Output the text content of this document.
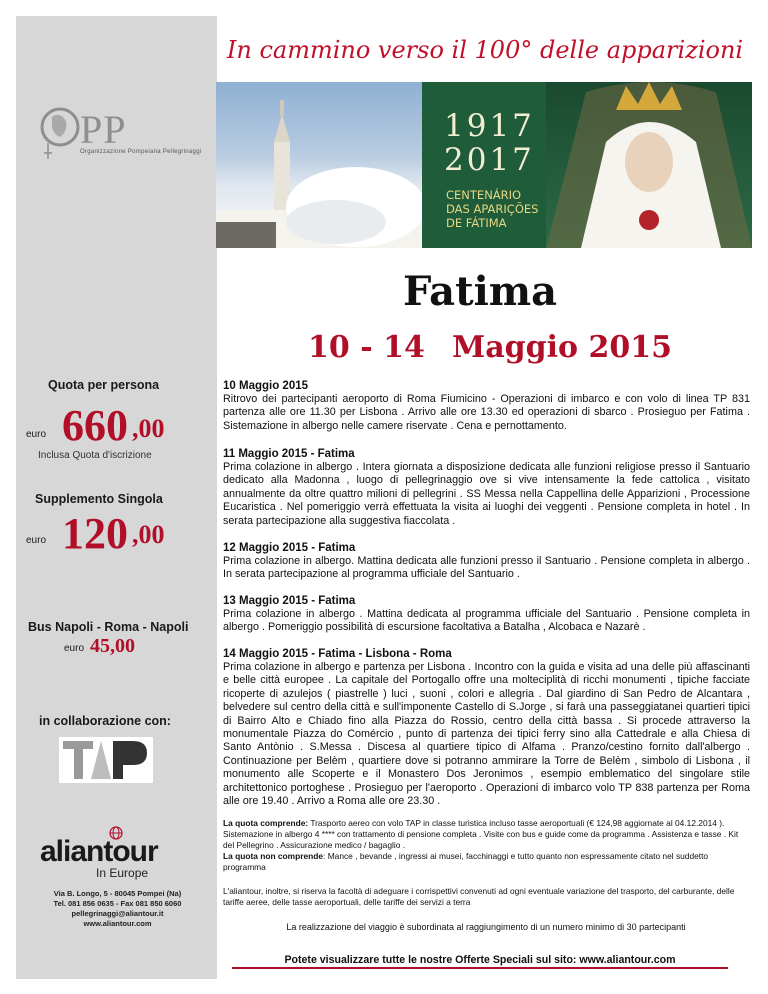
In cammino verso il 100° delle apparizioni
PP
Organizzazione Pompeiana Pellegrinaggi
1917
2017
CENTENÁRIO
DAS APARIÇÕES
DE FÁTIMA
Fatima
10 - 14 Maggio 2015
Quota per persona
euro 660 ,00
Inclusa Quota d'iscrizione
Supplemento Singola
euro 120 ,00
Bus Napoli - Roma - Napoli
euro 45,00
in collaborazione con:
aliantour
In Europe
Via B. Longo, 5 - 80045 Pompei (Na)
Tel. 081 856 0635 - Fax 081 850 6060
pellegrinaggi@aliantour.it
www.aliantour.com
10 Maggio 2015
Ritrovo dei partecipanti aeroporto di Roma Fiumicino - Operazioni di imbarco e con volo di linea TP 831 partenza alle ore 11.30 per Lisbona . Arrivo alle ore 13.30 ed operazioni di sbarco . Prosieguo per Fatima . Sistemazione in albergo nelle camere riservate . Cena e pernottamento.
11 Maggio 2015 - Fatima
Prima colazione in albergo . Intera giornata a disposizione dedicata alle funzioni religiose presso il Santuario dedicato alla Madonna , luogo di pellegrinaggio ove si vive intensamente la fede cattolica , visitato annualmente da oltre quattro milioni di pellegrini . SS Messa nella Cappellina delle Apparizioni , Processione Eucaristica . Nel pomeriggio verrà effettuata la visita ai luoghi dei veggenti . Pensione completa in hotel . In serata partecipazione alla suggestiva fiaccolata .
12 Maggio 2015 - Fatima
Prima colazione in albergo. Mattina dedicata alle funzioni presso il Santuario . Pensione completa in albergo . In serata partecipazione al programma ufficiale del Santuario .
13 Maggio 2015 - Fatima
Prima colazione in albergo . Mattina dedicata al programma ufficiale del Santuario . Pensione completa in albergo . Pomeriggio possibilità di escursione facoltativa a Batalha , Alcobaca e Nazarè .
14 Maggio 2015 - Fatima - Lisbona - Roma
Prima colazione in albergo e partenza per Lisbona . Incontro con la guida e visita ad una delle più affascinanti e belle città europee . La capitale del Portogallo offre una molteciplità di ricchi monumenti , tipiche facciate ricoperte di azulejos ( piastrelle ) luci , suoni , colori e allegria . Dal giardino di San Pedro de Alcantara , belvedere sul centro della città e sull'imponente Castello di S.Jorge , si farà una passeggiatanei quartieri tipici di Bairro Alto e Chiado fino alla Piazza do Rossio, centro della città bassa . Si procede attraverso la monumentale Piazza do Comércio , punto di partenza dei tipici ferry sino alla Cattedrale e alla Chiesa di Santo Antònio . S.Messa . Discesa al quartiere tipico di Alfama . Pranzo/cestino fornito dall'albergo . Continuazione per Belèm , quartiere dove si potranno ammirare la Torre de Belèm , simbolo di Lisbona , il monumento alle Scoperte e il Monastero Dos Jeronimos , esempio emblematico del singolare stile architettonico portoghese . Prosieguo per l'aeroporto . Operazioni di imbarco volo TP 838 partenza per Roma alle ore 19.40 . Arrivo a Roma alle ore 23.30 .
La quota comprende: Trasporto aereo con volo TAP in classe turistica incluso tasse aeroportuali (€ 124,98 aggiornate al 04.12.2014 ). Sistemazione in albergo 4 **** con trattamento di pensione completa . Visite con bus e guide come da programma . Assistenza e tasse . Kit del Pellegrino . Assicurazione medico / bagaglio .
La quota non comprende: Mance , bevande , ingressi ai musei, facchinaggi e tutto quanto non espressamente citato nel suddetto programma
L'aliantour, inoltre, si riserva la facoltà di adeguare i corrispettivi convenuti ad ogni eventuale variazione del trasporto, del carburante, delle tariffe aeree, delle tasse aeroportuali, delle tariffe dei servizi a terra
La realizzazione del viaggio è subordinata al raggiungimento di un numero minimo di 30 partecipanti
Potete visualizzare tutte le nostre Offerte Speciali sul sito: www.aliantour.com
